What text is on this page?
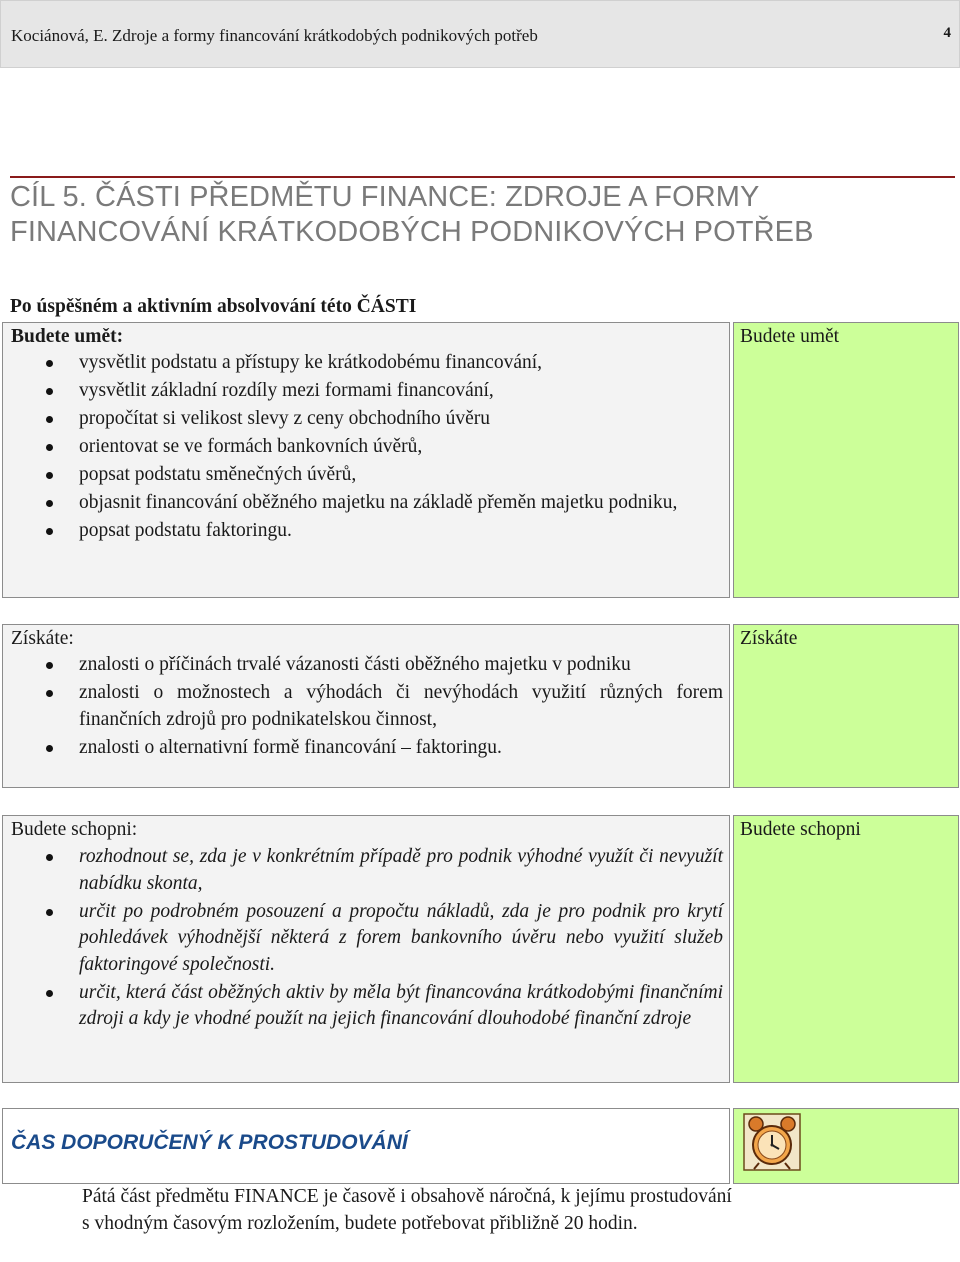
Kociánová, E. Zdroje a formy financování krátkodobých podnikových potřeb	4
CÍL 5. ČÁSTI PŘEDMĚTU FINANCE: ZDROJE A FORMY
FINANCOVÁNÍ KRÁTKODOBÝCH PODNIKOVÝCH POTŘEB
Po úspěšném a aktivním absolvování této ČÁSTI
Budete umět:
vysvětlit podstatu a přístupy ke krátkodobému financování,
vysvětlit základní rozdíly mezi formami financování,
propočítat si velikost slevy z ceny obchodního úvěru
orientovat se ve formách bankovních úvěrů,
popsat podstatu směnečných úvěrů,
objasnit financování oběžného majetku na základě přeměn majetku podniku,
popsat podstatu faktoringu.
Budete umět
Získáte:
znalosti o příčinách trvalé vázanosti části oběžného majetku v podniku
znalosti o možnostech a výhodách či nevýhodách využití různých forem finančních zdrojů pro podnikatelskou činnost,
znalosti o alternativní formě financování – faktoringu.
Získáte
Budete schopni:
rozhodnout se, zda je v konkrétním případě pro podnik výhodné využít či nevyužít nabídku skonta,
určit po podrobném posouzení a propočtu nákladů, zda je pro podnik pro krytí pohledávek výhodnější některá z forem bankovního úvěru nebo využití služeb faktoringové společnosti.
určit, která část oběžných aktiv by měla být financována krátkodobými finančními zdroji a kdy je vhodné použít na jejich financování dlouhodobé finanční zdroje
Budete schopni
ČAS DOPORUČENÝ K PROSTUDOVÁNÍ
Pátá část předmětu FINANCE je časově i obsahově náročná, k jejímu prostudování s vhodným časovým rozložením, budete potřebovat přibližně 20 hodin.
